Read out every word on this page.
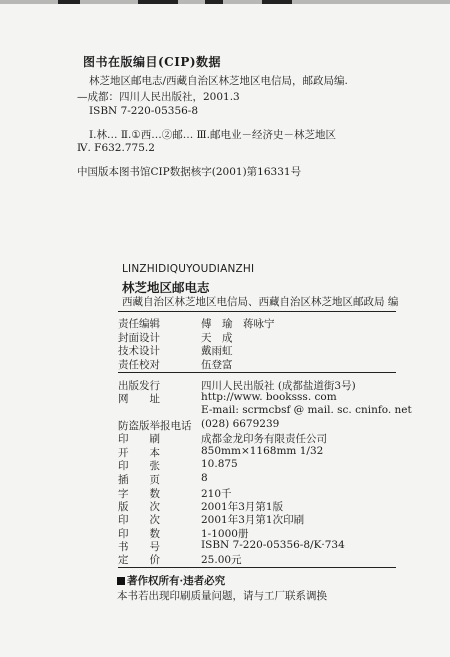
图书在版编目(CIP)数据
林芝地区邮电志/西藏自治区林芝地区电信局，邮政局编.
—成都：四川人民出版社，2001.3
ISBN 7-220-05356-8
Ⅰ.林… Ⅱ.①西…②邮… Ⅲ.邮电业－经济史－林芝地区
Ⅳ. F632.775.2
中国版本图书馆CIP数据核字(2001)第16331号
LINZHIDIQUYOUDIANZHI
林芝地区邮电志
西藏自治区林芝地区电信局、西藏自治区林芝地区邮政局 编
责任编辑	傅　瑜　蒋咏宁
封面设计	天　成
技术设计	戴雨虹
责任校对	伍登富
出版发行	四川人民出版社 (成都盐道街3号)
网　　址	http://www. booksss. com
E-mail: scrmcbsf @ mail. sc. cninfo. net
防盗版举报电话 (028) 6679239
印　　刷	成都金龙印务有限责任公司
开　　本	850mm×1168mm 1/32
印　　张	10.875
插　　页	8
字　　数	210千
版　　次	2001年3月第1版
印　　次	2001年3月第1次印刷
印　　数	1-1000册
书　　号	ISBN 7-220-05356-8/K·734
定　　价	25.00元
著作权所有·违者必究
本书若出现印刷质量问题，请与工厂联系调换
